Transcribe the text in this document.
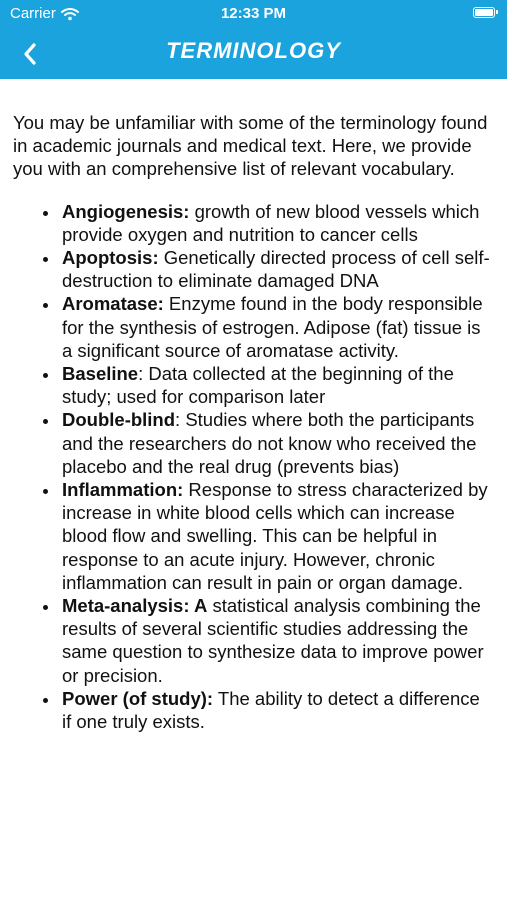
Carrier	12:33 PM
TERMINOLOGY

You may be unfamiliar with some of the terminology found in academic journals and medical text. Here, we provide you with an comprehensive list of relevant vocabulary.

Angiogenesis: growth of new blood vessels which provide oxygen and nutrition to cancer cells
Apoptosis: Genetically directed process of cell self-destruction to eliminate damaged DNA
Aromatase: Enzyme found in the body responsible for the synthesis of estrogen. Adipose (fat) tissue is a significant source of aromatase activity.
Baseline: Data collected at the beginning of the study; used for comparison later
Double-blind: Studies where both the participants and the researchers do not know who received the placebo and the real drug (prevents bias)
Inflammation: Response to stress characterized by increase in white blood cells which can increase blood flow and swelling. This can be helpful in response to an acute injury. However, chronic inflammation can result in pain or organ damage.
Meta-analysis: A statistical analysis combining the results of several scientific studies addressing the same question to synthesize data to improve power or precision.
Power (of study): The ability to detect a difference if one truly exists.
